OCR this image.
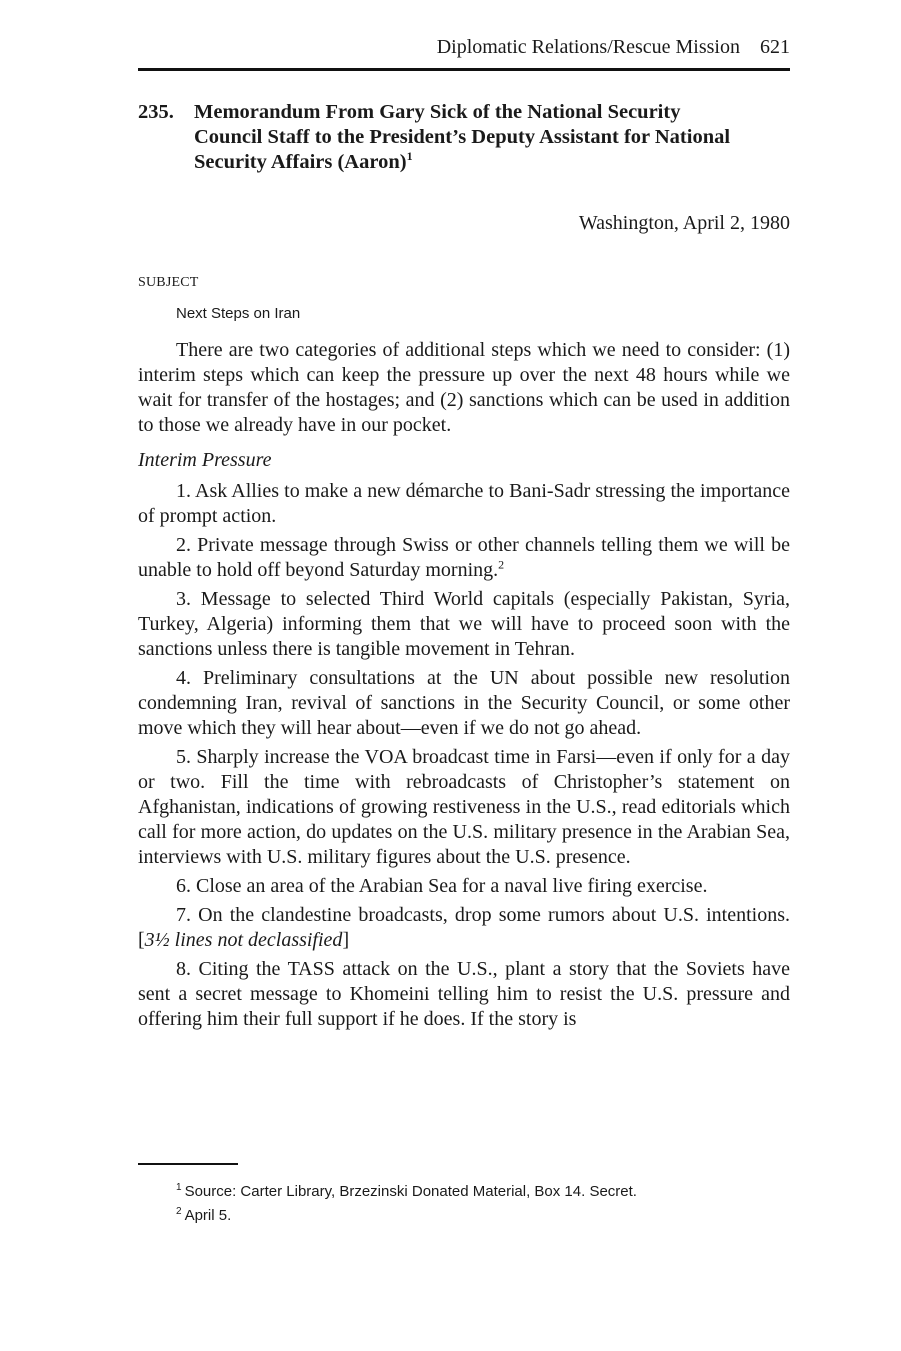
Diplomatic Relations/Rescue Mission 621
235. Memorandum From Gary Sick of the National Security Council Staff to the President’s Deputy Assistant for National Security Affairs (Aaron)$^1$
Washington, April 2, 1980
SUBJECT
Next Steps on Iran

There are two categories of additional steps which we need to consider: (1) interim steps which can keep the pressure up over the next 48 hours while we wait for transfer of the hostages; and (2) sanctions which can be used in addition to those we already have in our pocket.

Interim Pressure

1. Ask Allies to make a new démarche to Bani-Sadr stressing the importance of prompt action.

2. Private message through Swiss or other channels telling them we will be unable to hold off beyond Saturday morning.$^2$

3. Message to selected Third World capitals (especially Pakistan, Syria, Turkey, Algeria) informing them that we will have to proceed soon with the sanctions unless there is tangible movement in Tehran.

4. Preliminary consultations at the UN about possible new resolution condemning Iran, revival of sanctions in the Security Council, or some other move which they will hear about—even if we do not go ahead.

5. Sharply increase the VOA broadcast time in Farsi—even if only for a day or two. Fill the time with rebroadcasts of Christopher’s statement on Afghanistan, indications of growing restiveness in the U.S., read editorials which call for more action, do updates on the U.S. military presence in the Arabian Sea, interviews with U.S. military figures about the U.S. presence.

6. Close an area of the Arabian Sea for a naval live firing exercise.

7. On the clandestine broadcasts, drop some rumors about U.S. intentions. [3½ lines not declassified]

8. Citing the TASS attack on the U.S., plant a story that the Soviets have sent a secret message to Khomeini telling him to resist the U.S. pressure and offering him their full support if he does. If the story is

$^1$ Source: Carter Library, Brzezinski Donated Material, Box 14. Secret.

$^2$ April 5.
